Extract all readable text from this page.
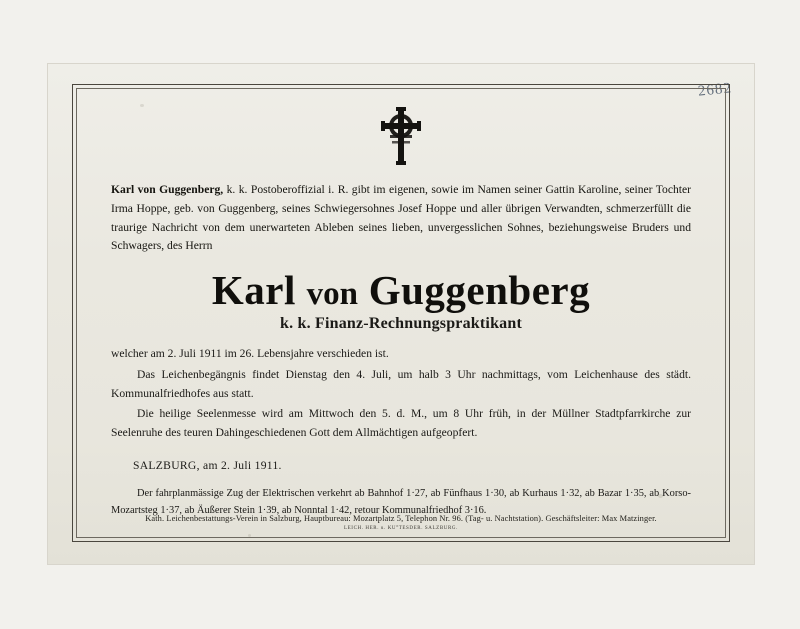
2682
Karl von Guggenberg, k. k. Postoberoffizial i. R. gibt im eigenen, sowie im Namen seiner Gattin Karoline, seiner Tochter Irma Hoppe, geb. von Guggenberg, seines Schwiegersohnes Josef Hoppe und aller übrigen Verwandten, schmerzerfüllt die traurige Nachricht von dem unerwarteten Ableben seines lieben, unvergesslichen Sohnes, beziehungsweise Bruders und Schwagers, des Herrn
Karl von Guggenberg
k. k. Finanz-Rechnungspraktikant
welcher am 2. Juli 1911 im 26. Lebensjahre verschieden ist.
Das Leichenbegängnis findet Dienstag den 4. Juli, um halb 3 Uhr nachmittags, vom Leichenhause des städt. Kommunalfriedhofes aus statt.
Die heilige Seelenmesse wird am Mittwoch den 5. d. M., um 8 Uhr früh, in der Müllner Stadtpfarrkirche zur Seelenruhe des teuren Dahingeschiedenen Gott dem Allmächtigen aufgeopfert.
SALZBURG, am 2. Juli 1911.
Der fahrplanmässige Zug der Elektrischen verkehrt ab Bahnhof 1·27, ab Fünfhaus 1·30, ab Kurhaus 1·32, ab Bazar 1·35, ab Korso-Mozartsteg 1·37, ab Äußerer Stein 1·39, ab Nonntal 1·42, retour Kommunalfriedhof 3·16.
Kath. Leichenbestattungs-Verein in Salzburg, Hauptbureau: Mozartplatz 5, Telephon Nr. 96. (Tag- u. Nachtstation). Geschäftsleiter: Max Matzinger.
LEICH. HER. u. KU°TESDER. SALZBURG.
